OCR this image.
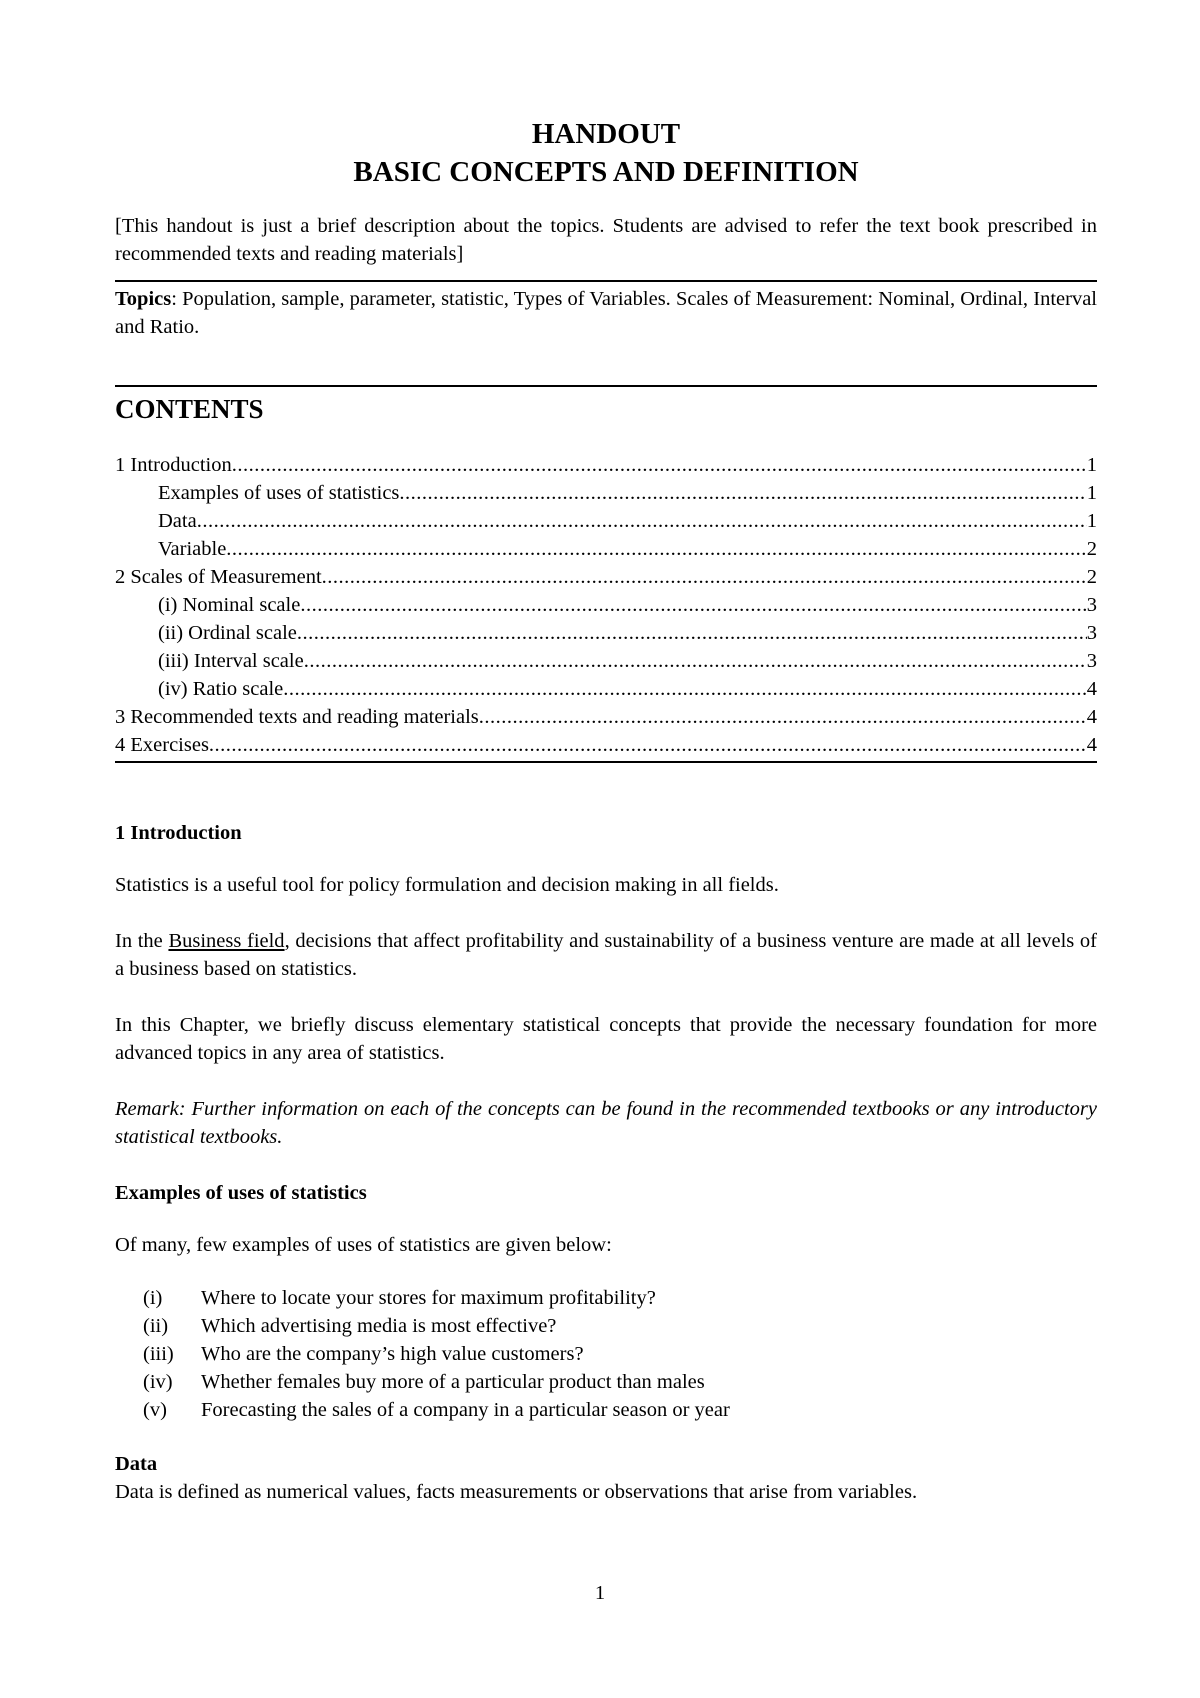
HANDOUT
BASIC CONCEPTS AND DEFINITION
[This handout is just a brief description about the topics. Students are advised to refer the text book prescribed in recommended texts and reading materials]
Topics: Population, sample, parameter, statistic, Types of Variables. Scales of Measurement: Nominal, Ordinal, Interval and Ratio.
CONTENTS
1 Introduction .....	1
Examples of uses of statistics .....	1
Data .....	1
Variable .....	2
2 Scales of Measurement .....	2
(i) Nominal scale .....	3
(ii) Ordinal scale .....	3
(iii) Interval scale .....	3
(iv) Ratio scale .....	4
3 Recommended texts and reading materials .....	4
4 Exercises .....	4
1 Introduction

Statistics is a useful tool for policy formulation and decision making in all fields.

In the Business field, decisions that affect profitability and sustainability of a business venture are made at all levels of a business based on statistics.

In this Chapter, we briefly discuss elementary statistical concepts that provide the necessary foundation for more advanced topics in any area of statistics.

Remark: Further information on each of the concepts can be found in the recommended textbooks or any introductory statistical textbooks.

Examples of uses of statistics

Of many, few examples of uses of statistics are given below:

(i)	Where to locate your stores for maximum profitability?
(ii)	Which advertising media is most effective?
(iii)	Who are the company’s high value customers?
(iv)	Whether females buy more of a particular product than males
(v)	Forecasting the sales of a company in a particular season or year
Data

Data is defined as numerical values, facts measurements or observations that arise from variables.

1
